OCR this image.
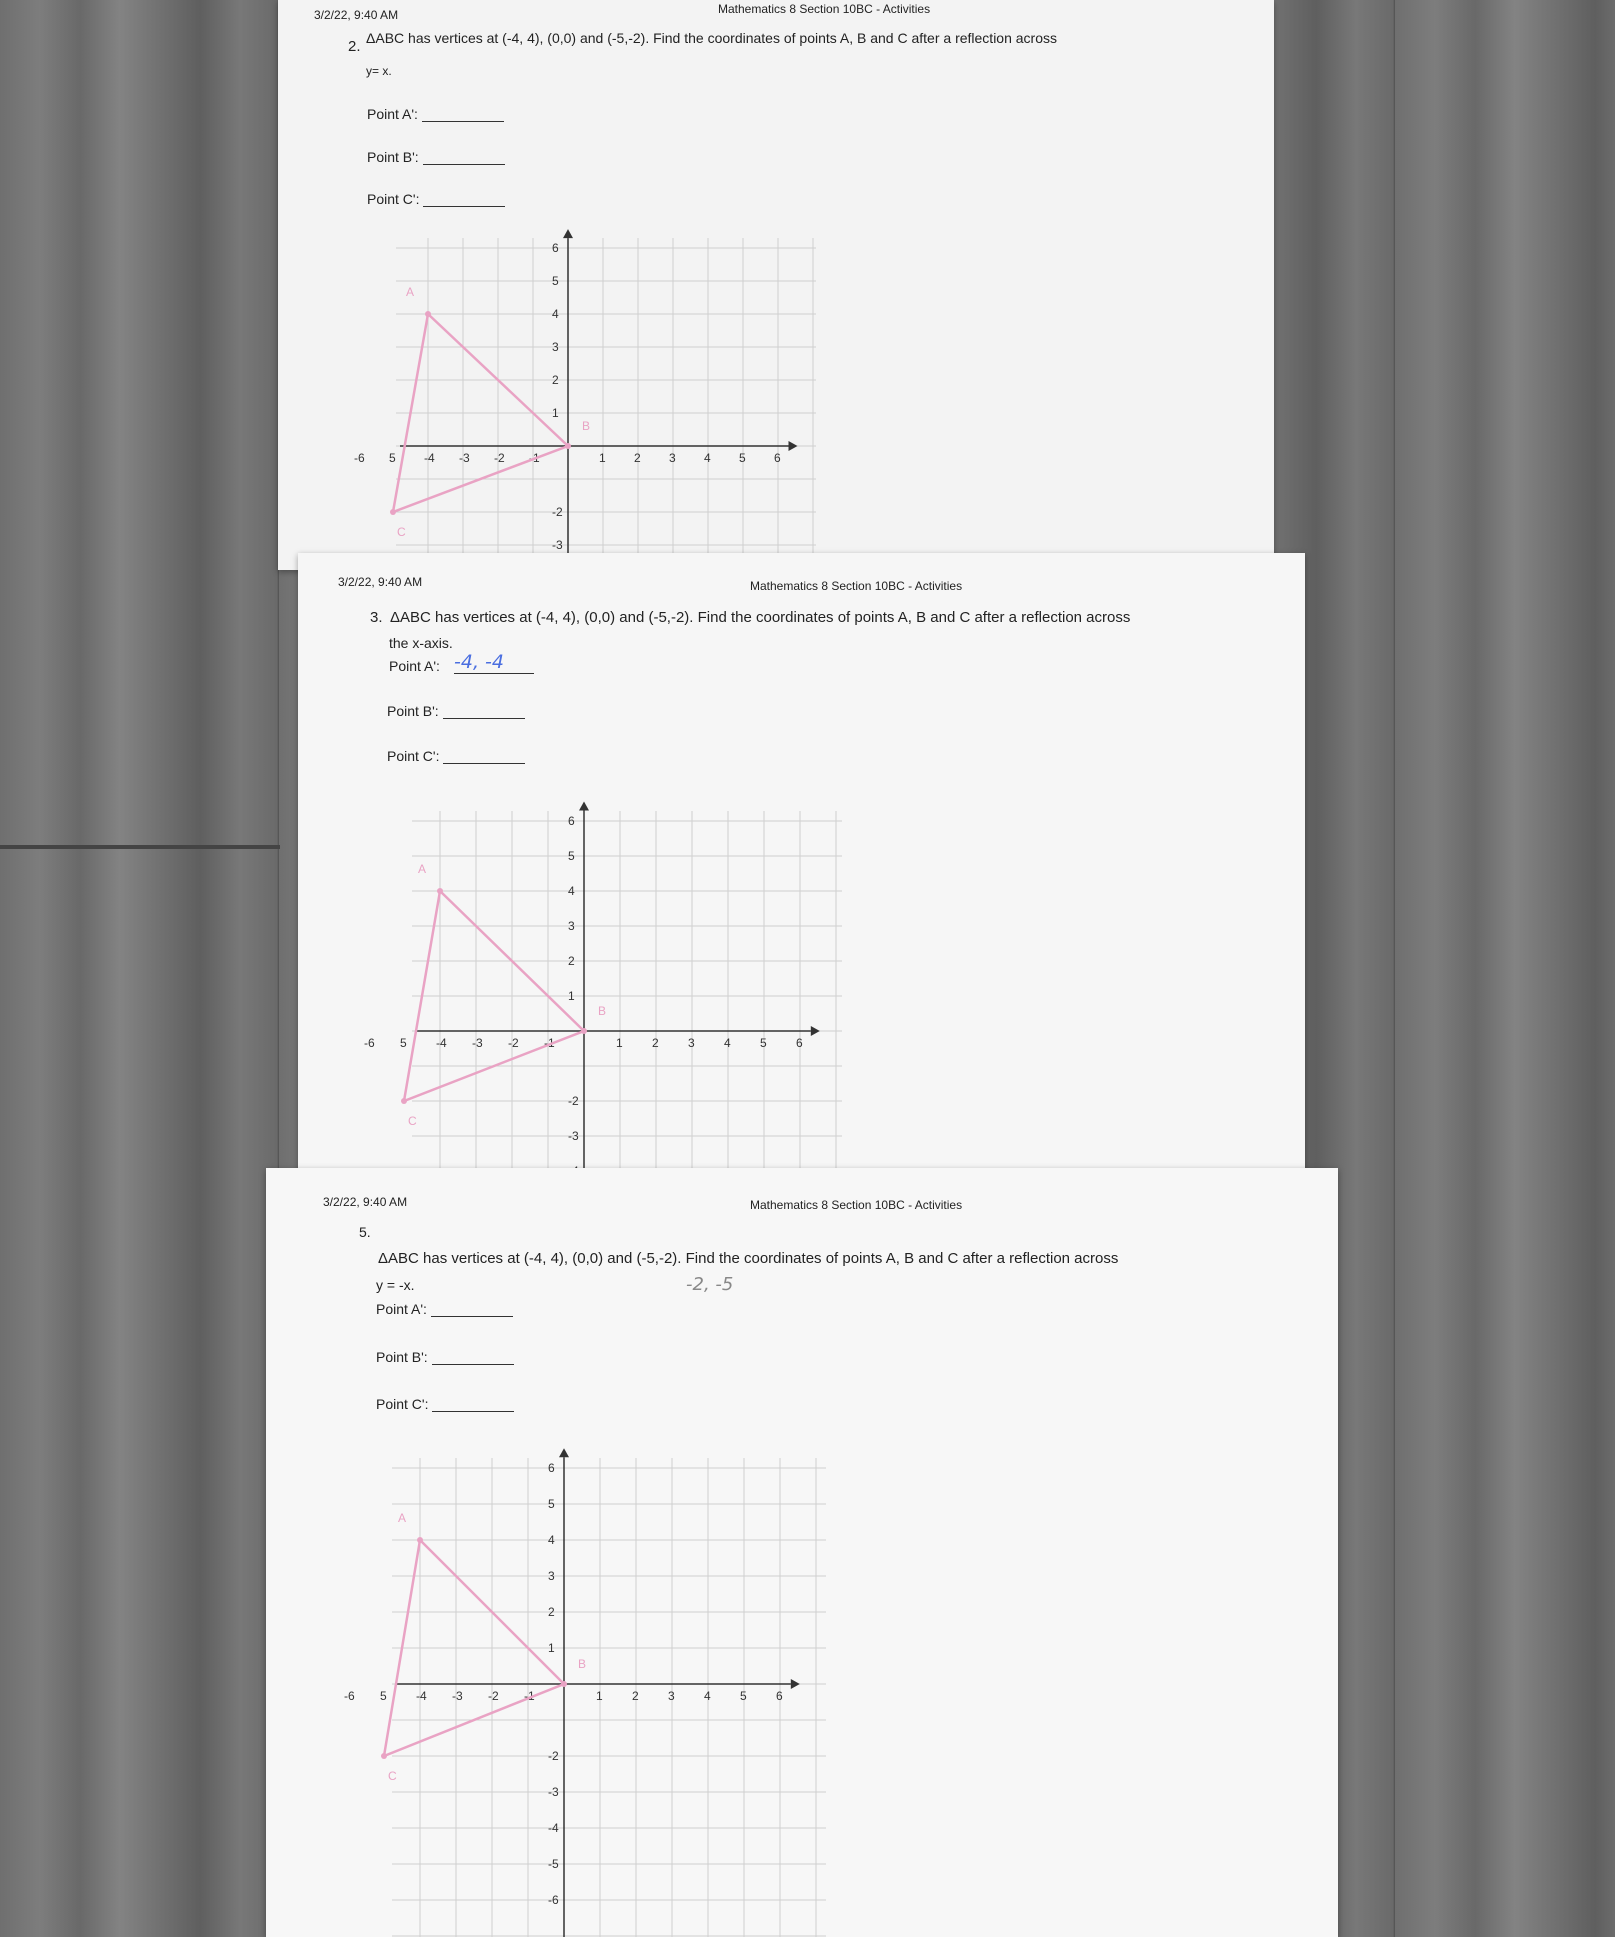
3/2/22, 9:40 AM	Mathematics 8 Section 10BC - Activities
2. ΔABC has vertices at (-4, 4), (0,0) and (-5,-2). Find the coordinates of points A, B and C after a reflection across
y= x.
Point A':
Point B':
Point C':
-6 5 -4 -3 -2 -1	1 2 3 4 5 6
6
5
4
3
2
1
-2
-3
A
B
C
3/2/22, 9:40 AM	Mathematics 8 Section 10BC - Activities
3. ΔABC has vertices at (-4, 4), (0,0) and (-5,-2). Find the coordinates of points A, B and C after a reflection across
the x-axis.
Point A': -4, -4
Point B':
Point C':
-6 5 -4 -3 -2 -1	1 2 3 4 5 6
6
5
4
3
2
1
-2
-3
A
B
C
3/2/22, 9:40 AM	Mathematics 8 Section 10BC - Activities
5.
ΔABC has vertices at (-4, 4), (0,0) and (-5,-2). Find the coordinates of points A, B and C after a reflection across
y = -x.	-2, -5
Point A':
Point B':
Point C':
-6 5 -4 -3 -2 -1	1 2 3 4 5 6
6
5
4
3
2
1
-2
-3
-4
-5
-6
A
B
C
